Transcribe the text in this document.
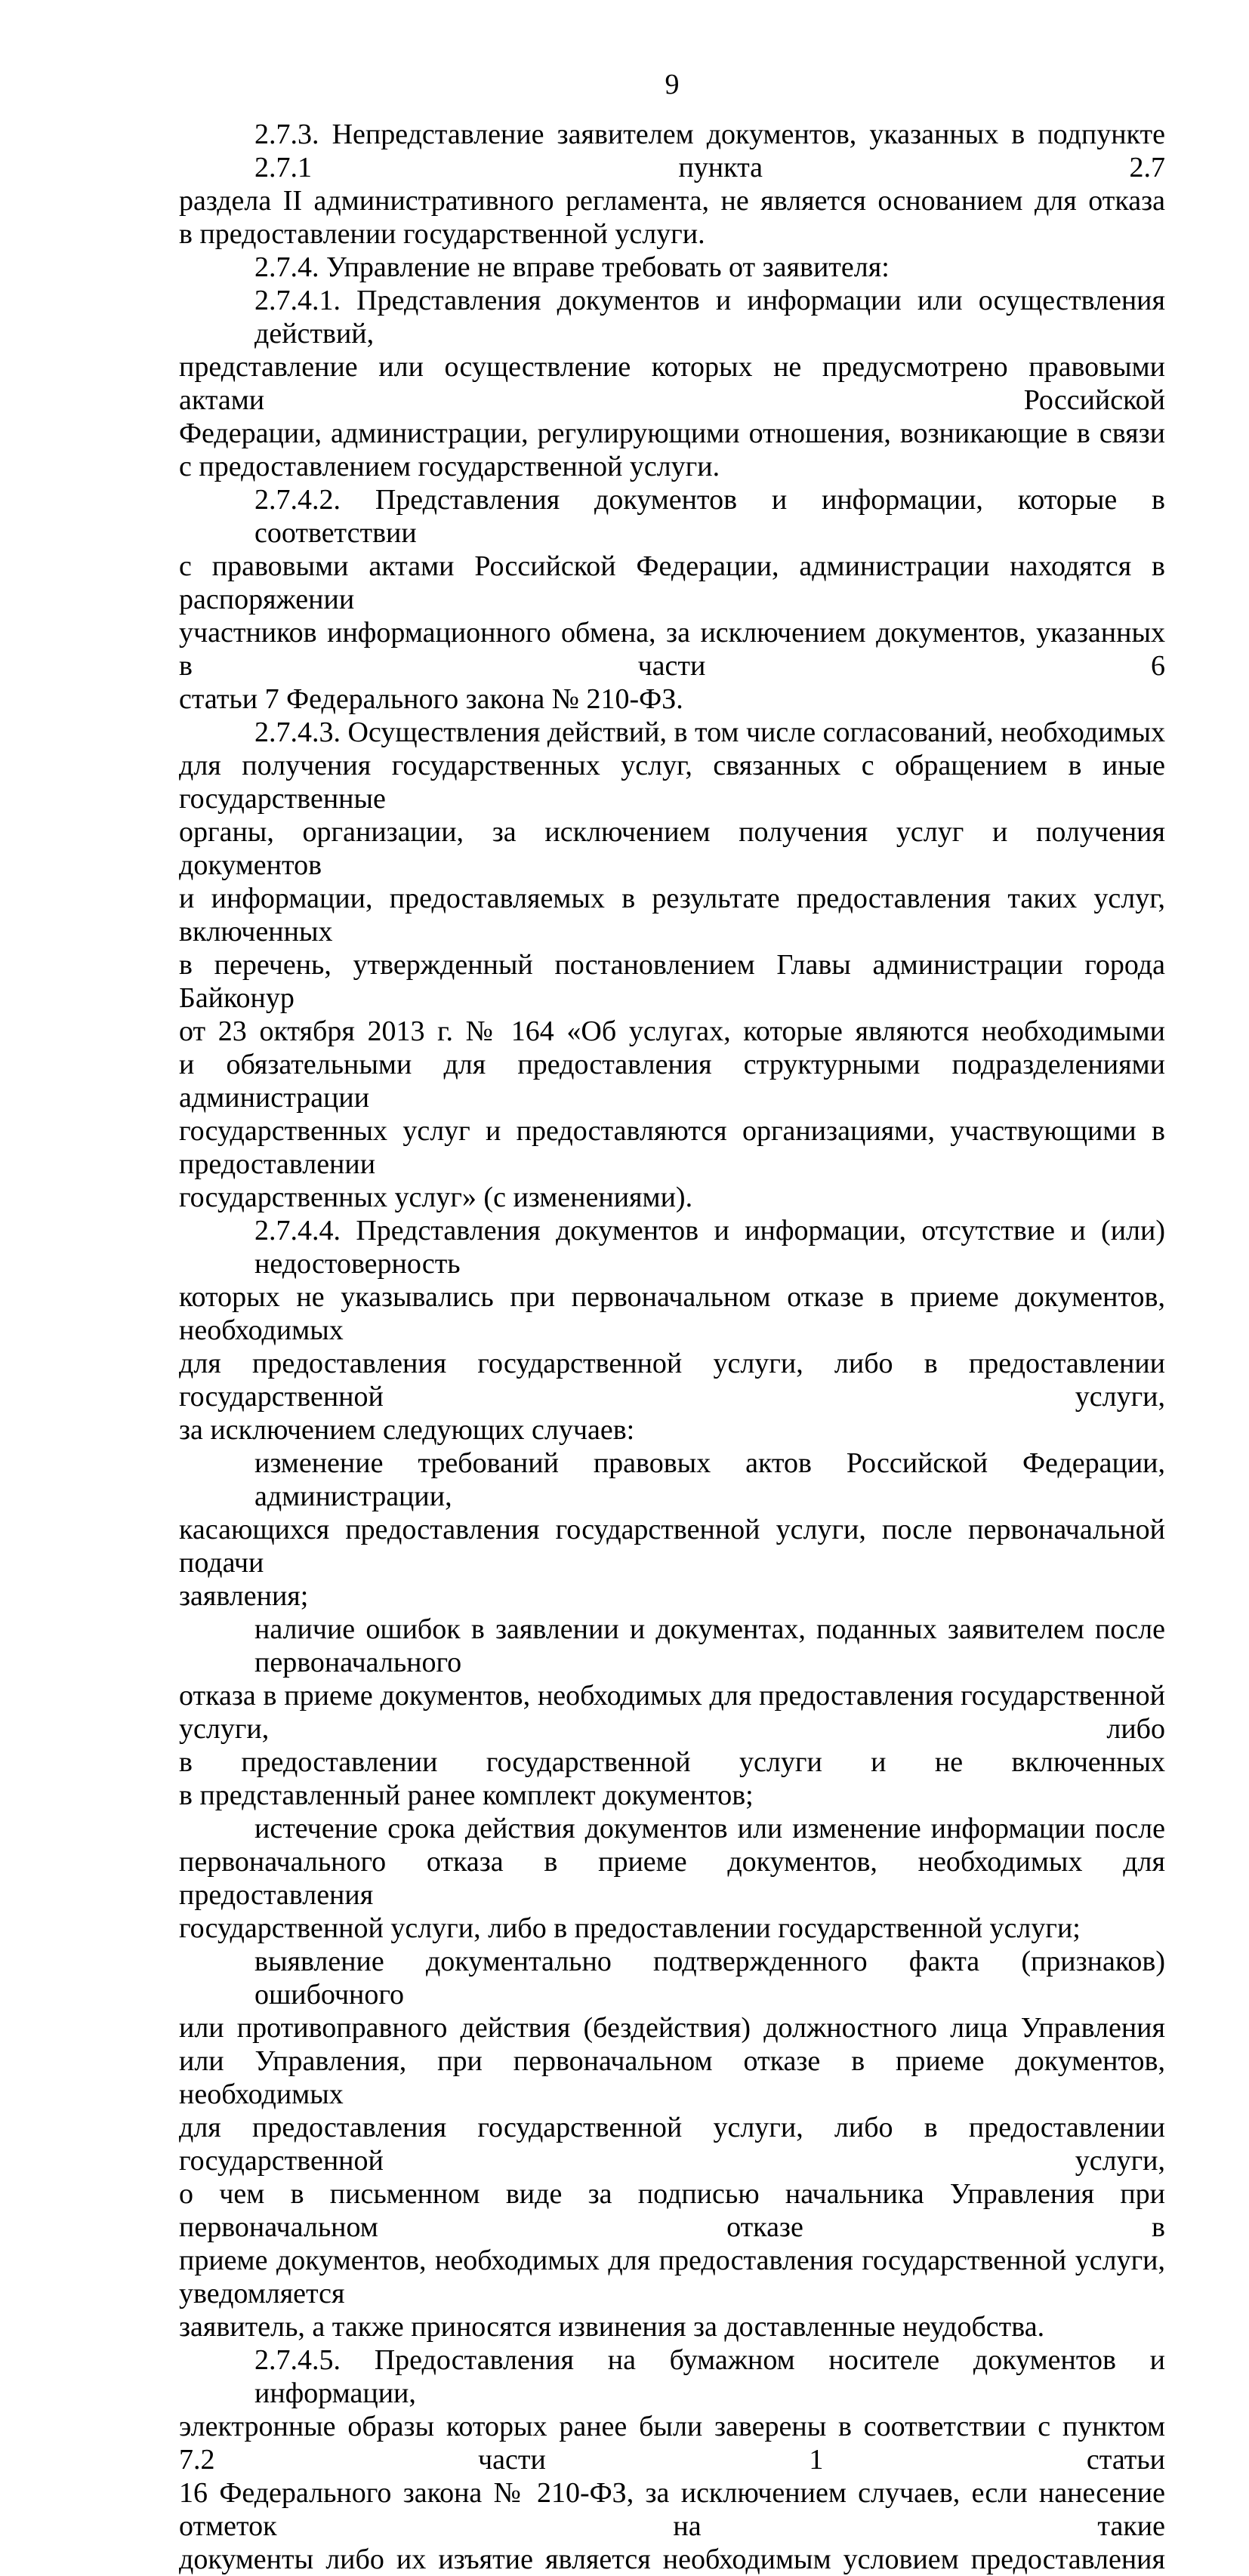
9

2.7.3. Непредставление заявителем документов, указанных в подпункте 2.7.1 пункта 2.7
раздела II административного регламента, не является основанием для отказа
в предоставлении государственной услуги.

2.7.4. Управление не вправе требовать от заявителя:

2.7.4.1. Представления документов и информации или осуществления действий,
представление или осуществление которых не предусмотрено правовыми актами Российской
Федерации, администрации, регулирующими отношения, возникающие в связи
с предоставлением государственной услуги.

2.7.4.2. Представления документов и информации, которые в соответствии
с правовыми актами Российской Федерации, администрации находятся в распоряжении
участников информационного обмена, за исключением документов, указанных в части 6
статьи 7 Федерального закона № 210-ФЗ.

2.7.4.3. Осуществления действий, в том числе согласований, необходимых
для получения государственных услуг, связанных с обращением в иные государственные
органы, организации, за исключением получения услуг и получения документов
и информации, предоставляемых в результате предоставления таких услуг, включенных
в перечень, утвержденный постановлением Главы администрации города Байконур
от 23 октября 2013 г. № 164 «Об услугах, которые являются необходимыми
и обязательными для предоставления структурными подразделениями администрации
государственных услуг и предоставляются организациями, участвующими в предоставлении
государственных услуг» (с изменениями).

2.7.4.4. Представления документов и информации, отсутствие и (или) недостоверность
которых не указывались при первоначальном отказе в приеме документов, необходимых
для предоставления государственной услуги, либо в предоставлении государственной услуги,
за исключением следующих случаев:

изменение требований правовых актов Российской Федерации, администрации,
касающихся предоставления государственной услуги, после первоначальной подачи
заявления;

наличие ошибок в заявлении и документах, поданных заявителем после первоначального
отказа в приеме документов, необходимых для предоставления государственной услуги, либо
в предоставлении государственной услуги и не включенных
в представленный ранее комплект документов;

истечение срока действия документов или изменение информации после
первоначального отказа в приеме документов, необходимых для предоставления
государственной услуги, либо в предоставлении государственной услуги;

выявление документально подтвержденного факта (признаков) ошибочного
или противоправного действия (бездействия) должностного лица Управления
или Управления, при первоначальном отказе в приеме документов, необходимых
для предоставления государственной услуги, либо в предоставлении государственной услуги,
о чем в письменном виде за подписью начальника Управления при первоначальном отказе в
приеме документов, необходимых для предоставления государственной услуги, уведомляется
заявитель, а также приносятся извинения за доставленные неудобства.

2.7.4.5. Предоставления на бумажном носителе документов и информации,
электронные образы которых ранее были заверены в соответствии с пунктом 7.2 части 1 статьи
16 Федерального закона № 210-ФЗ, за исключением случаев, если нанесение отметок на такие
документы либо их изъятие является необходимым условием предоставления
